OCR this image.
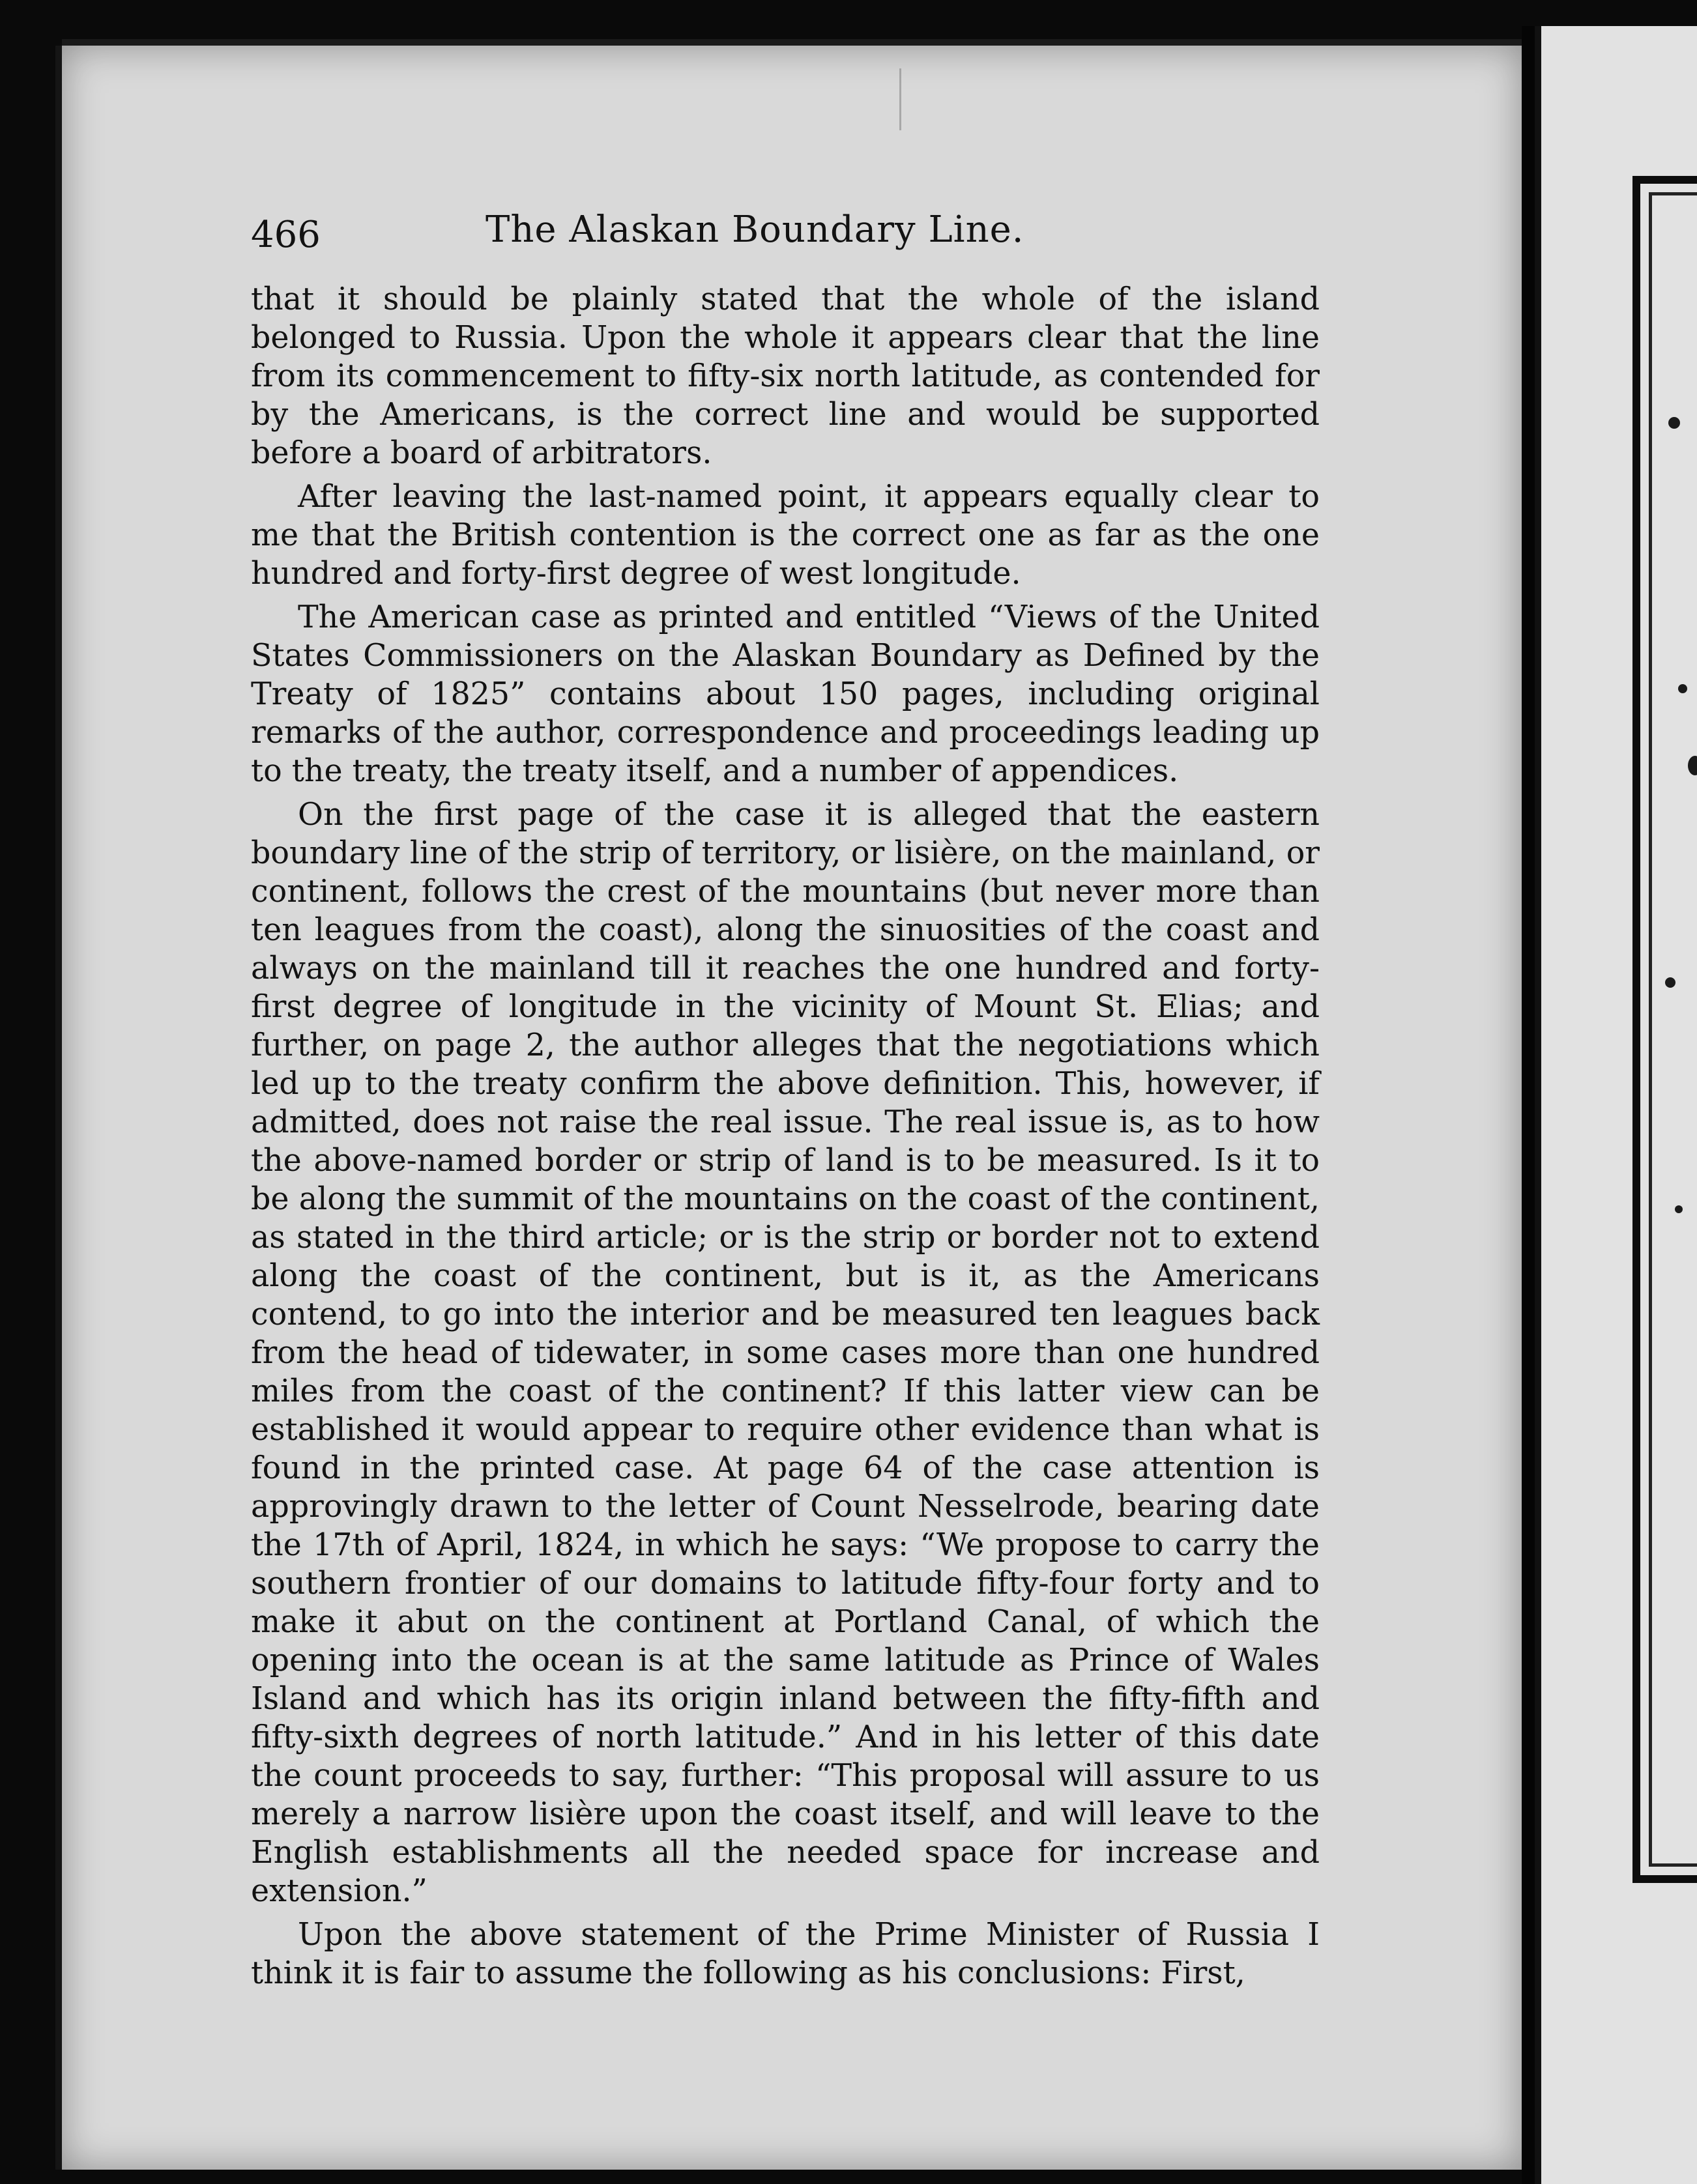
466	The Alaskan Boundary Line.

that it should be plainly stated that the whole of the island belonged to Russia. Upon the whole it appears clear that the line from its commencement to fifty-six north latitude, as contended for by the Americans, is the correct line and would be supported before a board of arbitrators.

After leaving the last-named point, it appears equally clear to me that the British contention is the correct one as far as the one hundred and forty-first degree of west longitude.

The American case as printed and entitled “Views of the United States Commissioners on the Alaskan Boundary as Defined by the Treaty of 1825” contains about 150 pages, including original remarks of the author, correspondence and proceedings leading up to the treaty, the treaty itself, and a number of appendices.

On the first page of the case it is alleged that the eastern boundary line of the strip of territory, or lisière, on the mainland, or continent, follows the crest of the mountains (but never more than ten leagues from the coast), along the sinuosities of the coast and always on the mainland till it reaches the one hundred and forty-first degree of longitude in the vicinity of Mount St. Elias; and further, on page 2, the author alleges that the negotiations which led up to the treaty confirm the above definition. This, however, if admitted, does not raise the real issue. The real issue is, as to how the above-named border or strip of land is to be measured. Is it to be along the summit of the mountains on the coast of the continent, as stated in the third article; or is the strip or border not to extend along the coast of the continent, but is it, as the Americans contend, to go into the interior and be measured ten leagues back from the head of tidewater, in some cases more than one hundred miles from the coast of the continent? If this latter view can be established it would appear to require other evidence than what is found in the printed case. At page 64 of the case attention is approvingly drawn to the letter of Count Nesselrode, bearing date the 17th of April, 1824, in which he says: “We propose to carry the southern frontier of our domains to latitude fifty-four forty and to make it abut on the continent at Portland Canal, of which the opening into the ocean is at the same latitude as Prince of Wales Island and which has its origin inland between the fifty-fifth and fifty-sixth degrees of north latitude.” And in his letter of this date the count proceeds to say, further: “This proposal will assure to us merely a narrow lisière upon the coast itself, and will leave to the English establishments all the needed space for increase and extension.”

Upon the above statement of the Prime Minister of Russia I think it is fair to assume the following as his conclusions: First,
